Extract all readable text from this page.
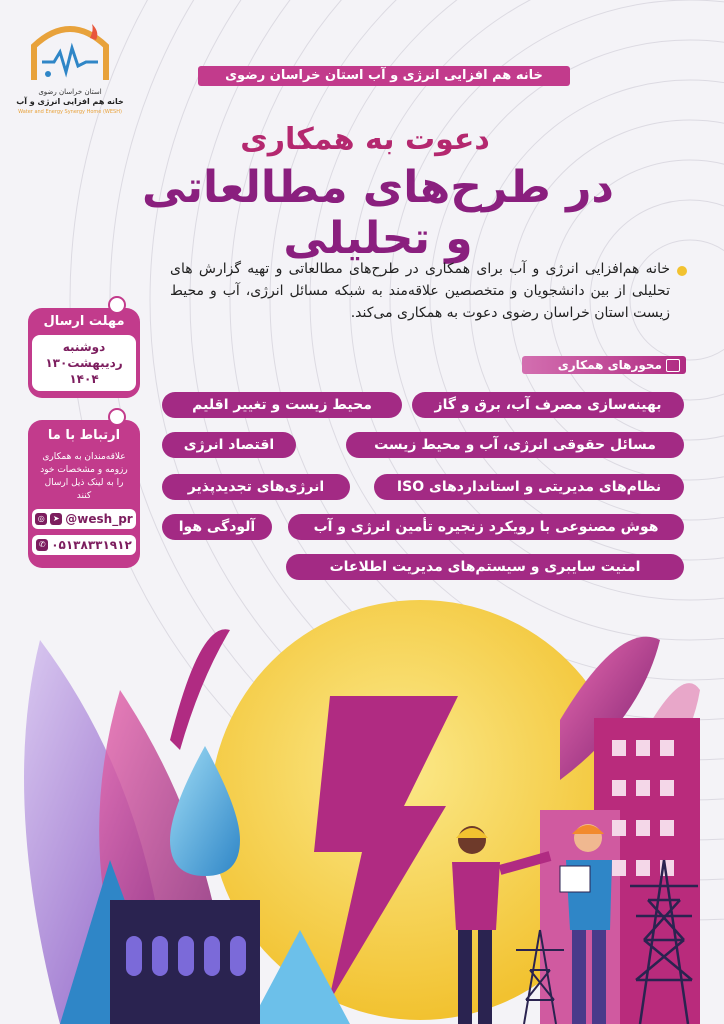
استان خراسان رضوی
خانه هم افزایی انرژی و آب
Water and Energy Synergy Home (WESH)
خانه هم افزایی انرژی و آب استان خراسان رضوی
دعوت به همکاری
در طرح‌های مطالعاتی و تحلیلی
خانه هم‌افزایی انرژی و آب برای همکاری در طرح‌های مطالعاتی و تهیه گزارش های تحلیلی از بین دانشجویان و متخصصین علاقه‌مند به شبکه مسائل انرژی، آب و محیط زیست استان خراسان رضوی دعوت به همکاری می‌کند.
مهلت ارسال
دوشنبه
۱۳۰ردیبهشت ۱۴۰۴
ارتباط با ما
علاقه‌مندان به همکاری رزومه و مشخصات خود را به لینک ذیل ارسال کنند
◎	➤ @wesh_pr
✆ ۰۵۱۳۸۳۳۱۹۱۲
محورهای همکاری
بهینه‌سازی مصرف آب، برق و گاز
محیط زیست و تغییر اقلیم
مسائل حقوقی انرژی، آب و محیط زیست
اقتصاد انرژی
نظام‌های مدیریتی و استانداردهای ISO
انرژی‌های تجدیدپذیر
هوش مصنوعی با رویکرد زنجیره تأمین انرژی و آب
آلودگی هوا
امنیت سایبری و سیستم‌های مدیریت اطلاعات
